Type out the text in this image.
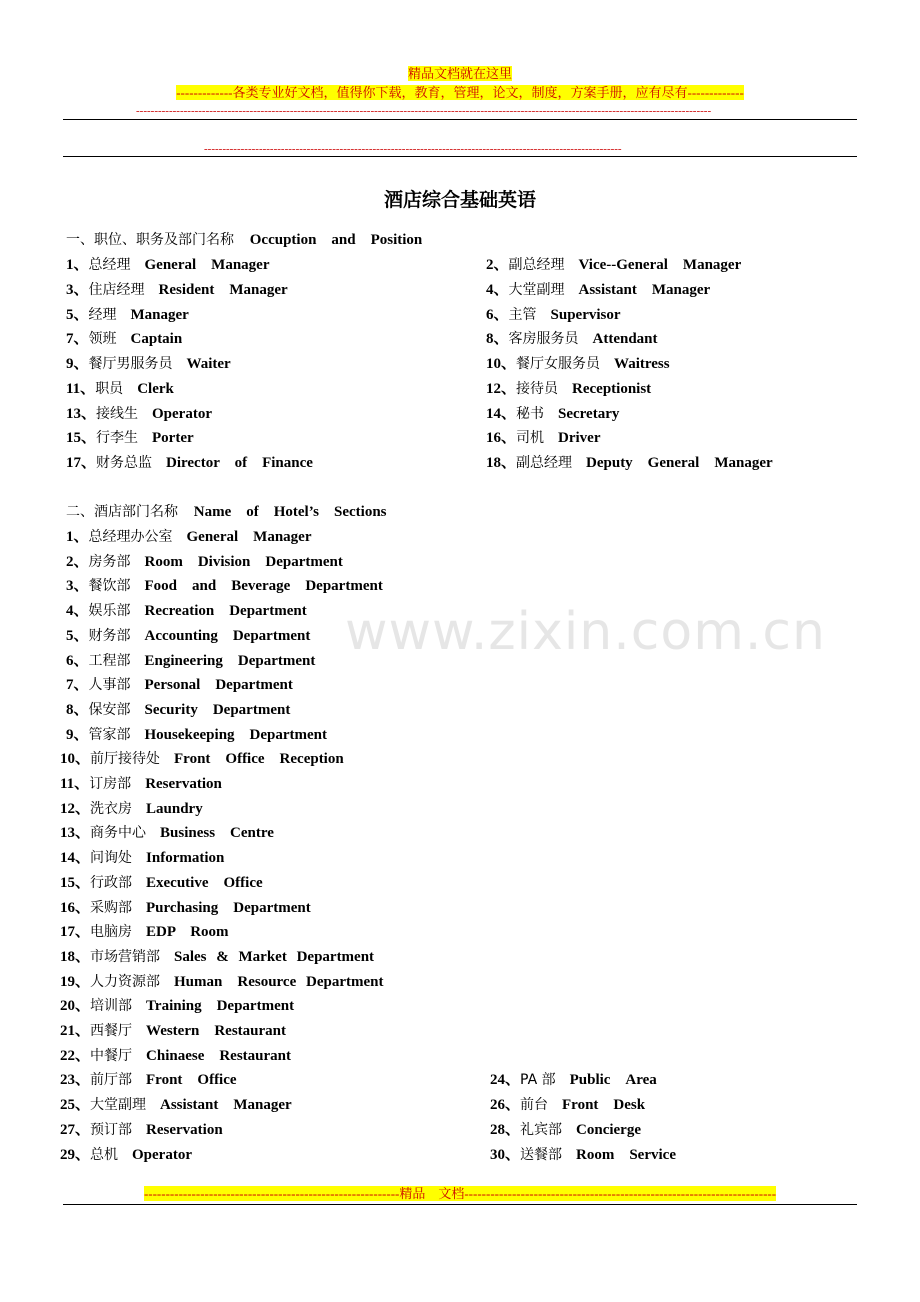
精品文档就在这里
-------------各类专业好文档，值得你下载，教育，管理，论文，制度，方案手册，应有尽有-------------
-------------------------------------------------------------------------------------------------------------------------------------------------------------
------------------------------------------------------------------------------------------------------------------
www.zixin.com.cn
酒店综合基础英语
一、职位、职务及部门名称 Occuption　and　Position
1、总经理 General　Manager	2、副总经理 Vice--General　Manager
3、住店经理 Resident　Manager	4、大堂副理 Assistant　Manager
5、经理 Manager	6、主管 Supervisor
7、领班 Captain	8、客房服务员 Attendant
9、餐厅男服务员 Waiter	10、餐厅女服务员 Waitress
11、职员 Clerk	12、接待员 Receptionist
13、接线生 Operator	14、秘书 Secretary
15、行李生 Porter	16、司机 Driver
17、财务总监 Director　of　Finance	18、副总经理 Deputy　General　Manager
二、酒店部门名称 Name　of　Hotel’s　Sections
1、总经理办公室 General　Manager
2、房务部 Room　Division　Department
3、餐饮部 Food　and　Beverage　Department
4、娱乐部 Recreation　Department
5、财务部 Accounting　Department
6、工程部 Engineering　Department
7、人事部 Personal　Department
8、保安部 Security　Department
9、管家部 Housekeeping　Department
10、前厅接待处 Front　Office　Reception
11、订房部 Reservation
12、洗衣房 Laundry
13、商务中心 Business　Centre
14、问询处 Information
15、行政部 Executive　Office
16、采购部 Purchasing　Department
17、电脑房 EDP　Room
18、市场营销部 Sales & Market Department
19、人力资源部 Human　Resource Department
20、培训部 Training　Department
21、西餐厅 Western　Restaurant
22、中餐厅 Chinaese　Restaurant
23、前厅部 Front　Office	24、PA 部 Public　Area
25、大堂副理 Assistant　Manager	26、前台 Front　Desk
27、预订部 Reservation	28、礼宾部 Concierge
29、总机 Operator	30、送餐部 Room　Service
-----------------------------------------------------------精品　文档------------------------------------------------------------------------
